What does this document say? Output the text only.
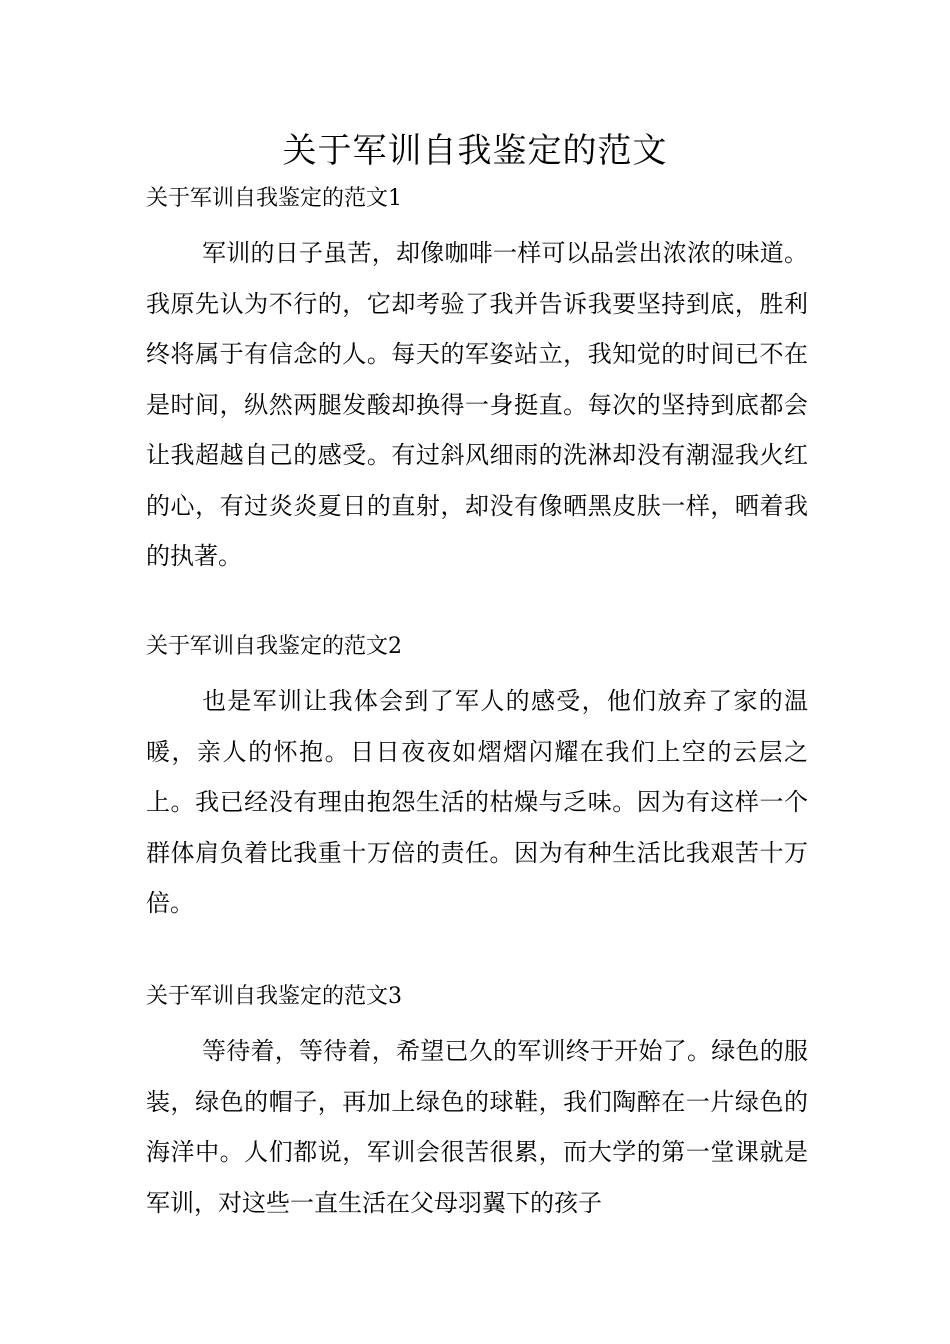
关于军训自我鉴定的范文
关于军训自我鉴定的范文1

军训的日子虽苦，却像咖啡一样可以品尝出浓浓的味道。我原先认为不行的，它却考验了我并告诉我要坚持到底，胜利终将属于有信念的人。每天的军姿站立，我知觉的时间已不在是时间，纵然两腿发酸却换得一身挺直。每次的坚持到底都会让我超越自己的感受。有过斜风细雨的洗淋却没有潮湿我火红的心，有过炎炎夏日的直射，却没有像晒黑皮肤一样，晒着我的执著。

关于军训自我鉴定的范文2

也是军训让我体会到了军人的感受，他们放弃了家的温暖，亲人的怀抱。日日夜夜如熠熠闪耀在我们上空的云层之上。我已经没有理由抱怨生活的枯燥与乏味。因为有这样一个群体肩负着比我重十万倍的责任。因为有种生活比我艰苦十万倍。

关于军训自我鉴定的范文3

等待着，等待着，希望已久的军训终于开始了。绿色的服装，绿色的帽子，再加上绿色的球鞋，我们陶醉在一片绿色的海洋中。人们都说，军训会很苦很累，而大学的第一堂课就是军训，对这些一直生活在父母羽翼下的孩子
